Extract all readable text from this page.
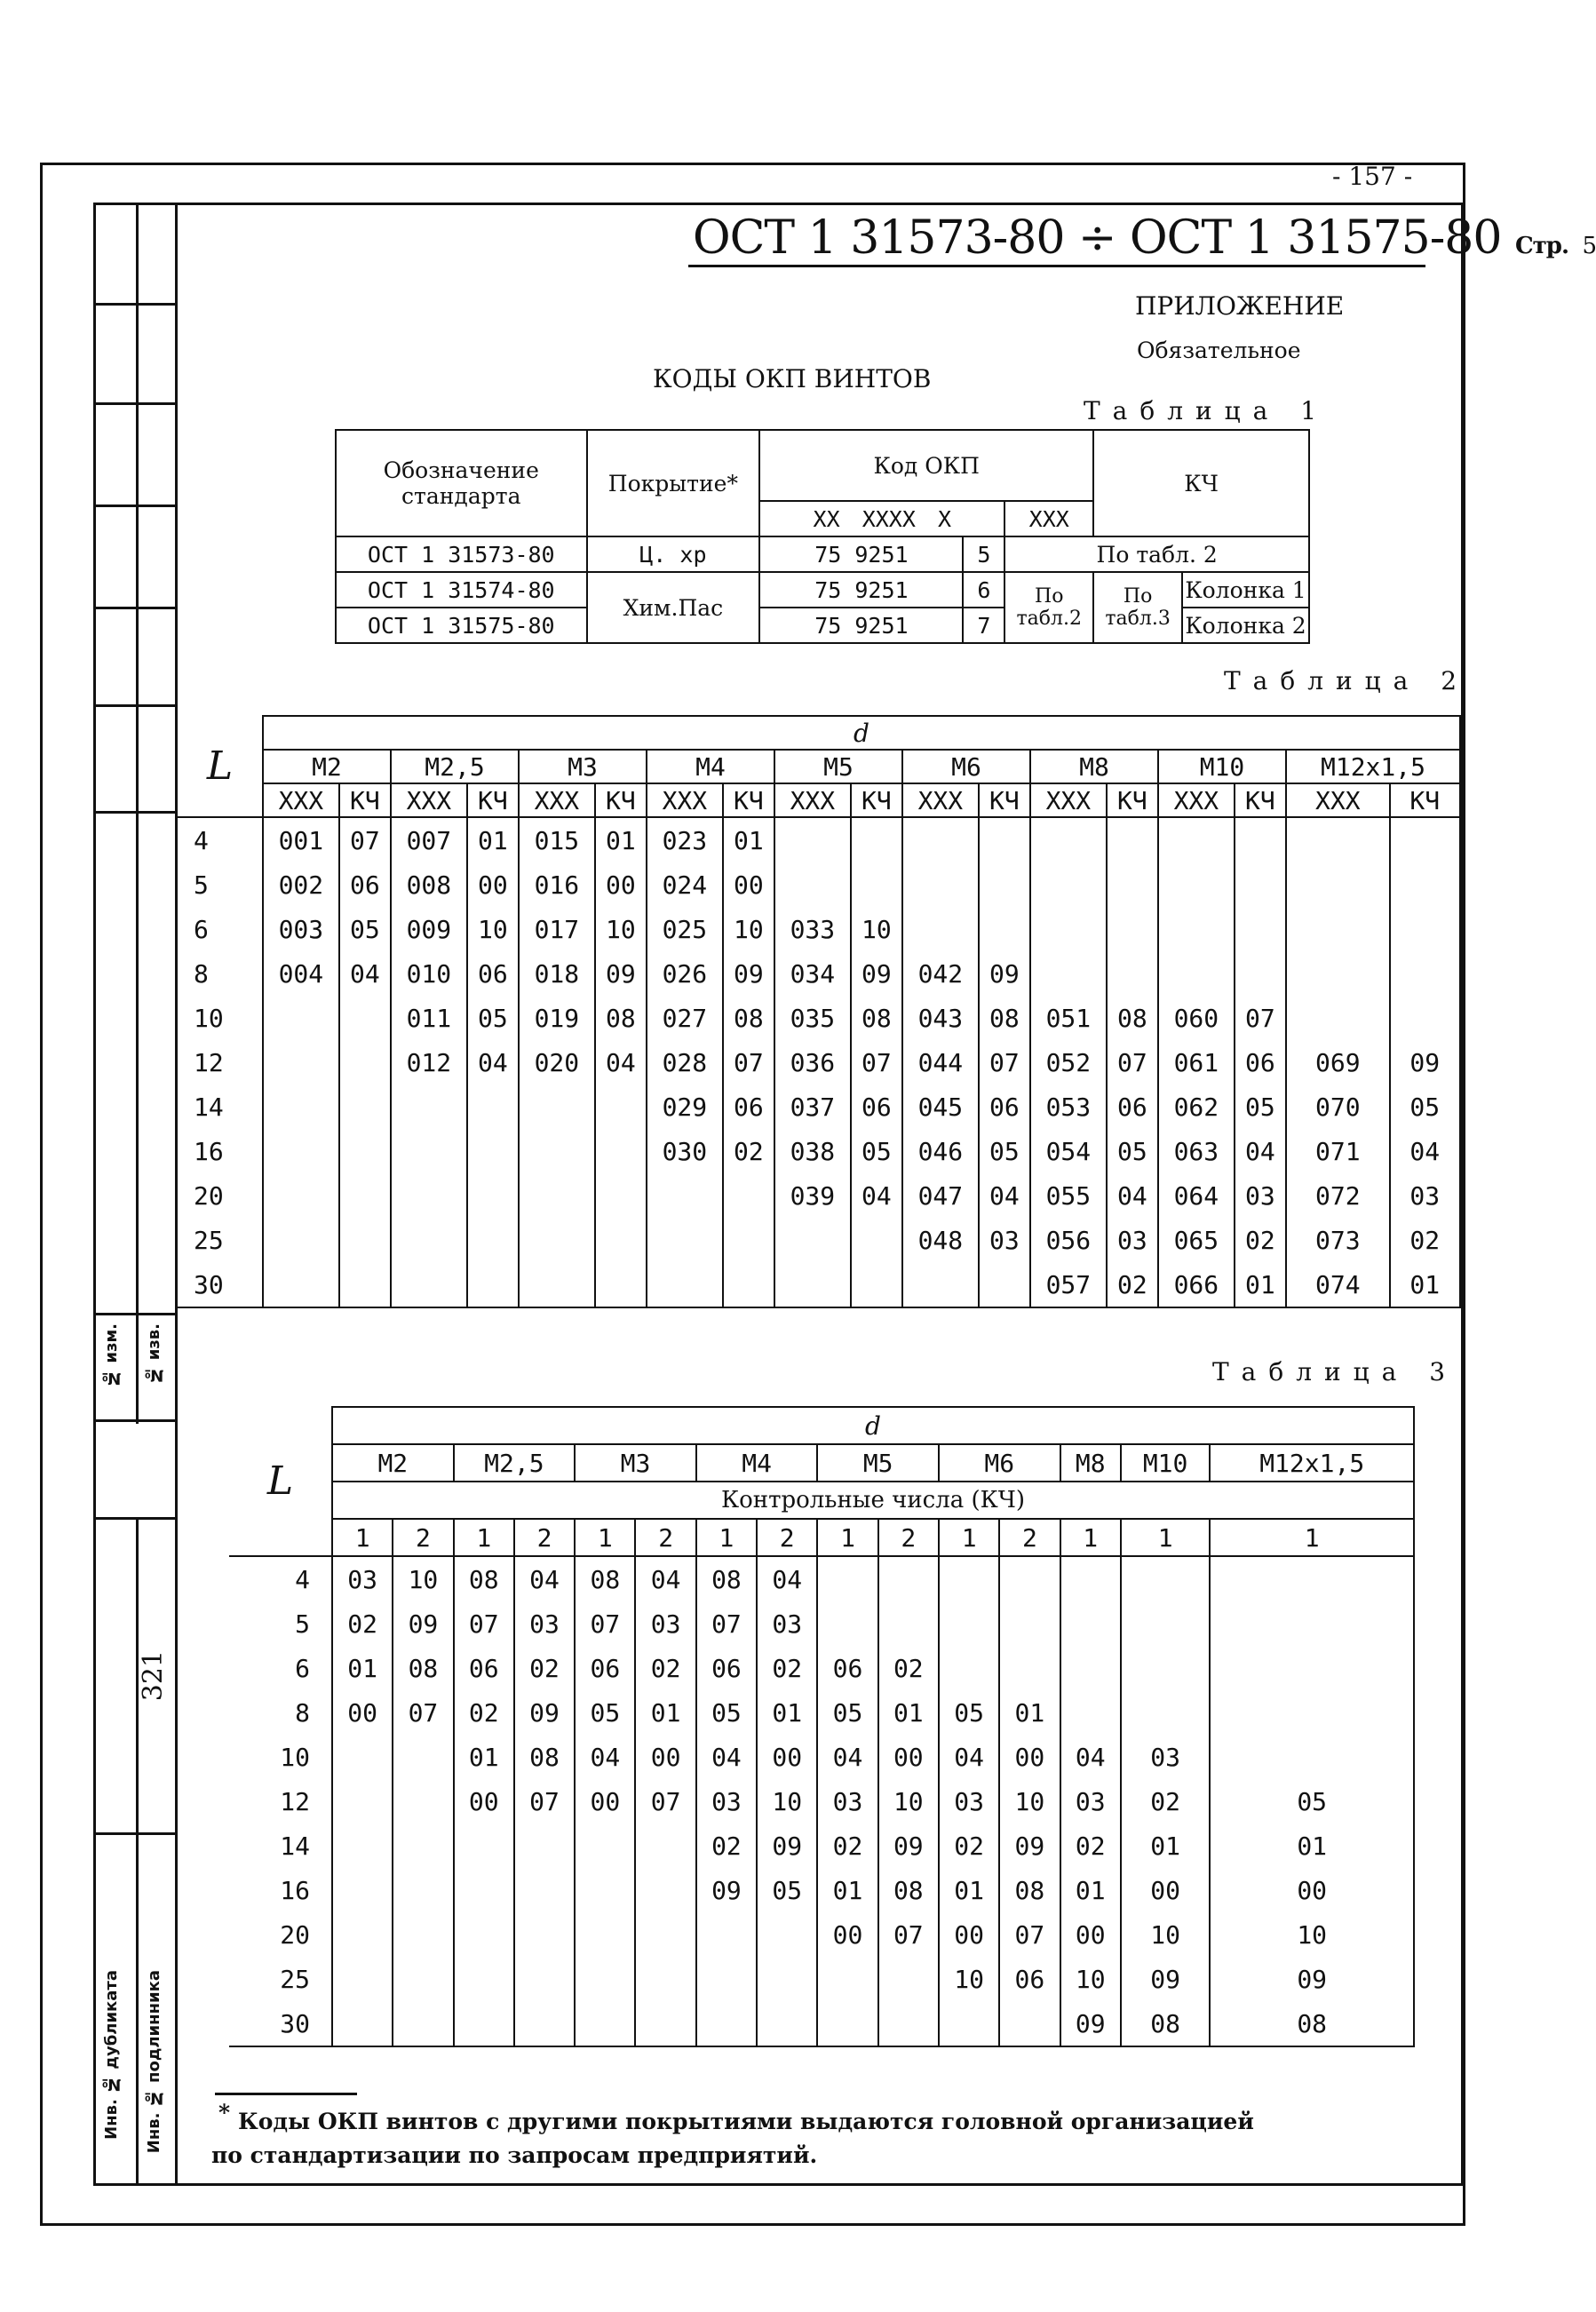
№ изм. № изв.
321
Инв. № дубликата Инв. № подлинника
- 157 -
ОСТ 1 31573-80 ÷ ОСТ 1 31575-80 Стр. 5
ПРИЛОЖЕНИЕ
Обязательное
КОДЫ ОКП ВИНТОВ
Таблица 1
Обозначение стандарта	Покрытие*	Код ОКП			КЧ	
		XX XXXX X		XXX		
ОСТ 1 31573-80	Ц. хр	75 9251	5	По табл. 2		
ОСТ 1 31574-80	Хим.Пас	75 9251	6	По табл.2	По табл.3	Колонка 1
ОСТ 1 31575-80		75 9251	7			Колонка 2
Таблица 2
L	d																	
	M2		M2,5		M3		M4		M5		M6		M8		M10		M12x1,5	
	XXX	КЧ	XXX	КЧ	XXX	КЧ	XXX	КЧ	XXX	КЧ	XXX	КЧ	XXX	КЧ	XXX	КЧ	XXX	КЧ
4	001	07	007	01	015	01	023	01										
5	002	06	008	00	016	00	024	00										
6	003	05	009	10	017	10	025	10	033	10								
8	004	04	010	06	018	09	026	09	034	09	042	09						
10			011	05	019	08	027	08	035	08	043	08	051	08	060	07		
12			012	04	020	04	028	07	036	07	044	07	052	07	061	06	069	09
14							029	06	037	06	045	06	053	06	062	05	070	05
16							030	02	038	05	046	05	054	05	063	04	071	04
20									039	04	047	04	055	04	064	03	072	03
25											048	03	056	03	065	02	073	02
30													057	02	066	01	074	01
Таблица 3
L	d														
	M2		M2,5		M3		M4		M5		M6		M8	M10	M12x1,5
	Контрольные числа (КЧ)														
	1	2	1	2	1	2	1	2	1	2	1	2	1	1	1
4	03	10	08	04	08	04	08	04							
5	02	09	07	03	07	03	07	03							
6	01	08	06	02	06	02	06	02	06	02					
8	00	07	02	09	05	01	05	01	05	01	05	01			
10			01	08	04	00	04	00	04	00	04	00	04	03	
12			00	07	00	07	03	10	03	10	03	10	03	02	05
14							02	09	02	09	02	09	02	01	01
16							09	05	01	08	01	08	01	00	00
20									00	07	00	07	00	10	10
25											10	06	10	09	09
30													09	08	08
* Коды ОКП винтов с другими покрытиями выдаются головной организацией
по стандартизации по запросам предприятий.
